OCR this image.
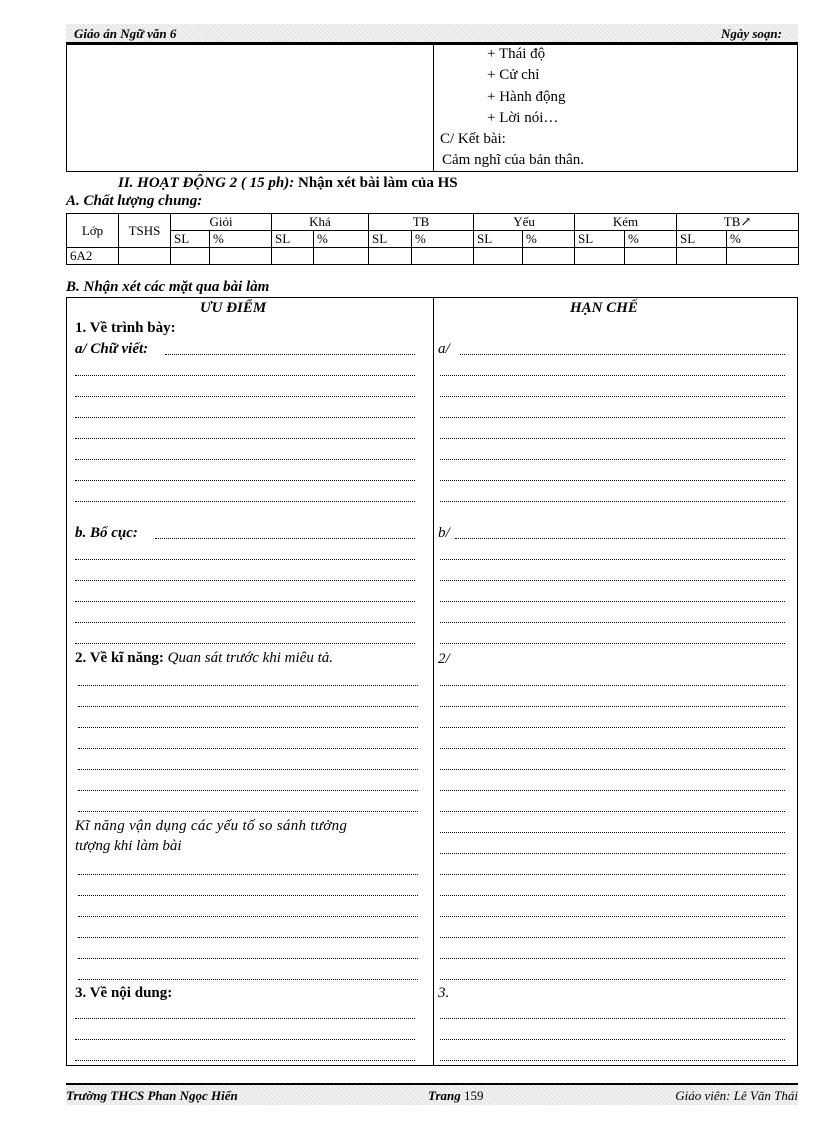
Giáo án Ngữ văn 6	Ngày soạn:
+ Thái độ
+ Cử chỉ
+ Hành động
+ Lời nói…
C/ Kết bài:
Cảm nghĩ của bản thân.
II. HOẠT ĐỘNG 2 ( 15 ph): Nhận xét bài làm của HS
A. Chất lượng chung:
Lớp	TSHS	Giỏi		Khá		TB		Yếu		Kém		TB↗	
		SL	%	SL	%	SL	%	SL	%	SL	%	SL	%
6A2													
B. Nhận xét các mặt qua bài làm
ƯU ĐIỂM	HẠN CHẾ
1. Về trình bày:
a/ Chữ viết:	a/
b. Bố cục:	b/
2. Về kĩ năng: Quan sát trước khi miêu tả.	2/
Kĩ năng vận dụng các yếu tố so sánh tưởng
tượng khi làm bài
3. Về nội dung:	3.
Trường THCS Phan Ngọc Hiển	Trang 159	Giáo viên: Lê Văn Thái
